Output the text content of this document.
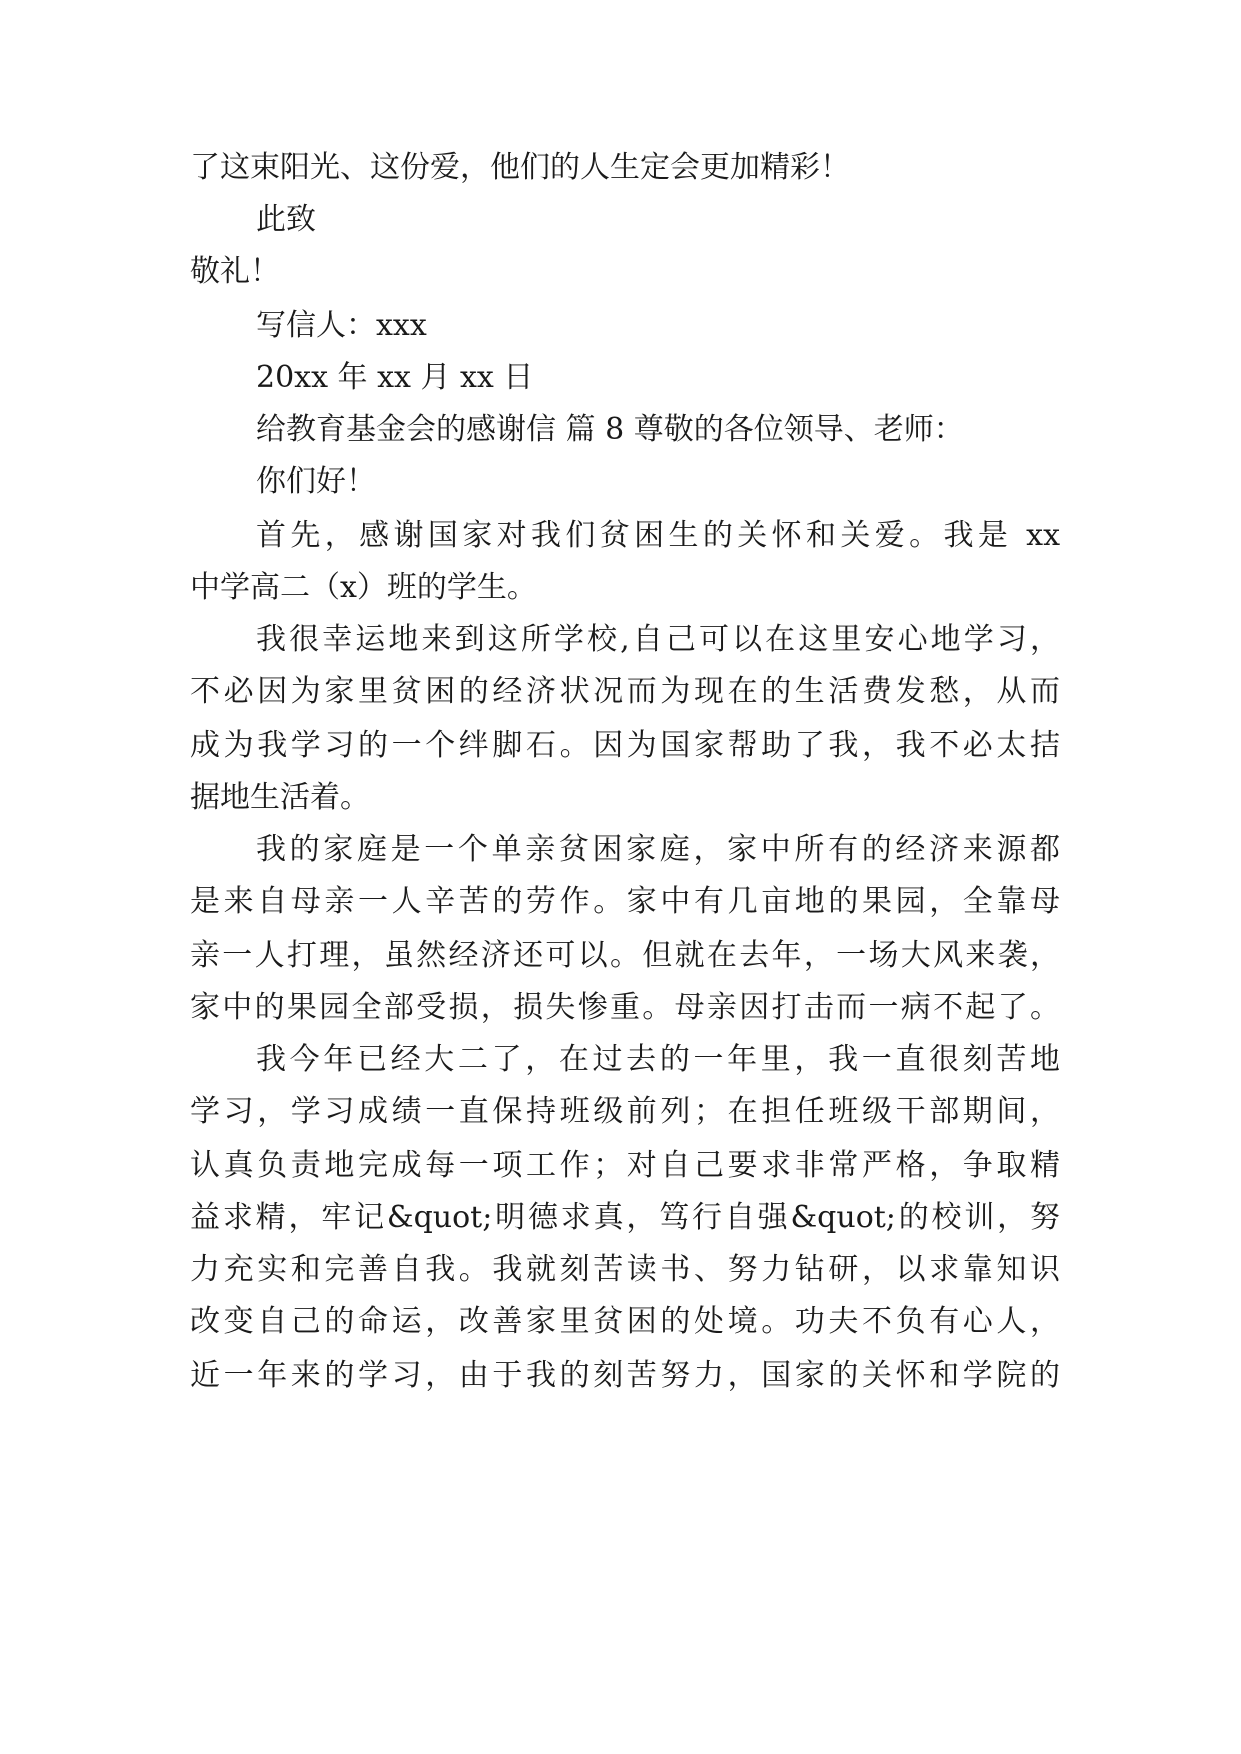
了这束阳光、这份爱，他们的人生定会更加精彩！
此致
敬礼！
写信人：xxx
20xx 年 xx 月 xx 日
给教育基金会的感谢信 篇 8 尊敬的各位领导、老师：
你们好！
首先，感谢国家对我们贫困生的关怀和关爱。我是 xx
中学高二（x）班的学生。
我很幸运地来到这所学校,自己可以在这里安心地学习，
不必因为家里贫困的经济状况而为现在的生活费发愁，从而
成为我学习的一个绊脚石。因为国家帮助了我，我不必太拮
据地生活着。
我的家庭是一个单亲贫困家庭，家中所有的经济来源都
是来自母亲一人辛苦的劳作。家中有几亩地的果园，全靠母
亲一人打理，虽然经济还可以。但就在去年，一场大风来袭，
家中的果园全部受损，损失惨重。母亲因打击而一病不起了。
我今年已经大二了，在过去的一年里，我一直很刻苦地
学习，学习成绩一直保持班级前列；在担任班级干部期间，
认真负责地完成每一项工作；对自己要求非常严格，争取精
益求精，牢记&quot;明德求真，笃行自强&quot;的校训，努
力充实和完善自我。我就刻苦读书、努力钻研，以求靠知识
改变自己的命运，改善家里贫困的处境。功夫不负有心人，
近一年来的学习，由于我的刻苦努力，国家的关怀和学院的
